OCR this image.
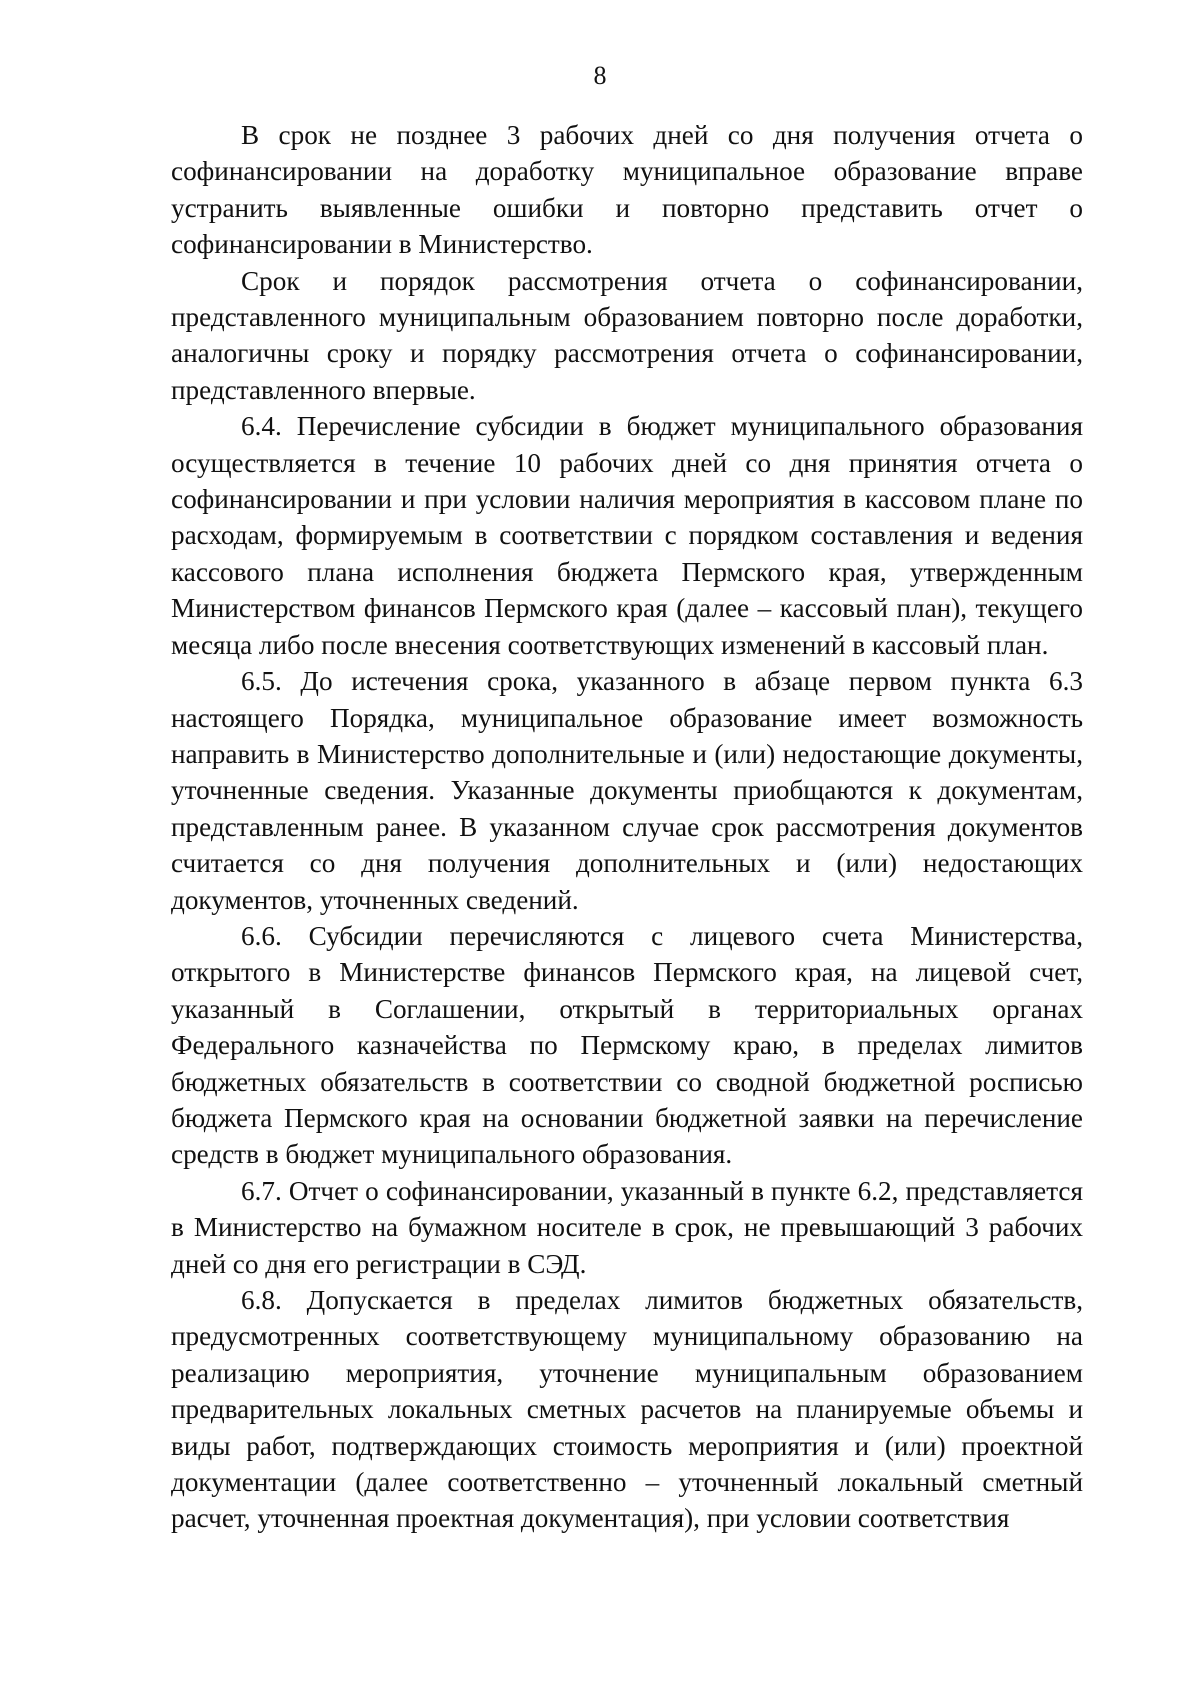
8

В срок не позднее 3 рабочих дней со дня получения отчета о софинансировании на доработку муниципальное образование вправе устранить выявленные ошибки и повторно представить отчет о софинансировании в Министерство.

Срок и порядок рассмотрения отчета о софинансировании, представленного муниципальным образованием повторно после доработки, аналогичны сроку и порядку рассмотрения отчета о софинансировании, представленного впервые.

6.4. Перечисление субсидии в бюджет муниципального образования осуществляется в течение 10 рабочих дней со дня принятия отчета о софинансировании и при условии наличия мероприятия в кассовом плане по расходам, формируемым в соответствии с порядком составления и ведения кассового плана исполнения бюджета Пермского края, утвержденным Министерством финансов Пермского края (далее – кассовый план), текущего месяца либо после внесения соответствующих изменений в кассовый план.

6.5. До истечения срока, указанного в абзаце первом пункта 6.3 настоящего Порядка, муниципальное образование имеет возможность направить в Министерство дополнительные и (или) недостающие документы, уточненные сведения. Указанные документы приобщаются к документам, представленным ранее. В указанном случае срок рассмотрения документов считается со дня получения дополнительных и (или) недостающих документов, уточненных сведений.

6.6. Субсидии перечисляются с лицевого счета Министерства, открытого в Министерстве финансов Пермского края, на лицевой счет, указанный в Соглашении, открытый в территориальных органах Федерального казначейства по Пермскому краю, в пределах лимитов бюджетных обязательств в соответствии со сводной бюджетной росписью бюджета Пермского края на основании бюджетной заявки на перечисление средств в бюджет муниципального образования.

6.7. Отчет о софинансировании, указанный в пункте 6.2, представляется в Министерство на бумажном носителе в срок, не превышающий 3 рабочих дней со дня его регистрации в СЭД.

6.8. Допускается в пределах лимитов бюджетных обязательств, предусмотренных соответствующему муниципальному образованию на реализацию мероприятия, уточнение муниципальным образованием предварительных локальных сметных расчетов на планируемые объемы и виды работ, подтверждающих стоимость мероприятия и (или) проектной документации (далее соответственно – уточненный локальный сметный расчет, уточненная проектная документация), при условии соответствия
